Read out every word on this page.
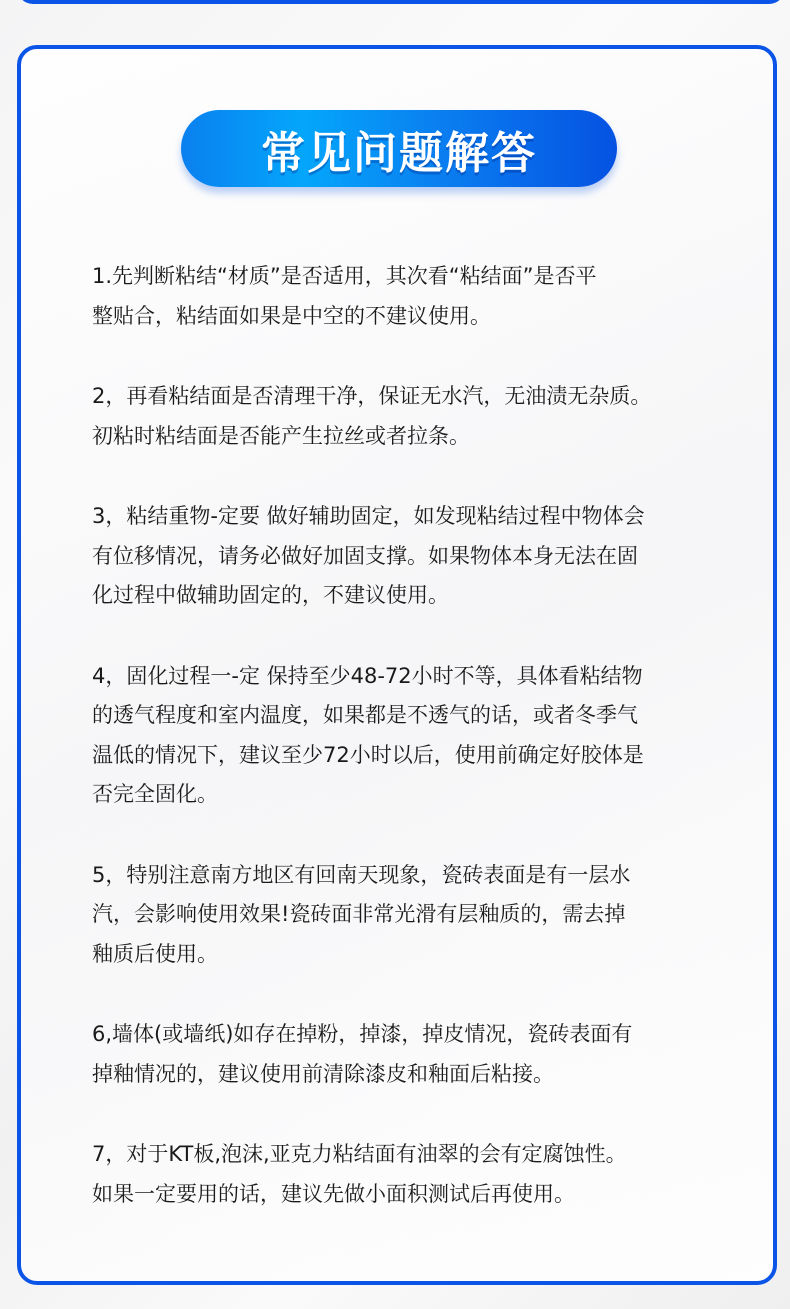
常见问题解答
1.先判断粘结“材质”是否适用，其次看“粘结面”是否平
整贴合，粘结面如果是中空的不建议使用。
2，再看粘结面是否清理干净，保证无水汽，无油渍无杂质。
初粘时粘结面是否能产生拉丝或者拉条。
3，粘结重物-定要 做好辅助固定，如发现粘结过程中物体会
有位移情况，请务必做好加固支撑。如果物体本身无法在固
化过程中做辅助固定的，不建议使用。
4，固化过程一-定 保持至少48-72小时不等，具体看粘结物
的透气程度和室内温度，如果都是不透气的话，或者冬季气
温低的情况下，建议至少72小时以后，使用前确定好胶体是
否完全固化。
5，特别注意南方地区有回南天现象，瓷砖表面是有一层水
汽，会影响使用效果!瓷砖面非常光滑有层釉质的，需去掉
釉质后使用。
6,墙体(或墙纸)如存在掉粉，掉漆，掉皮情况，瓷砖表面有
掉釉情况的，建议使用前清除漆皮和釉面后粘接。
7，对于KT板,泡沫,亚克力粘结面有油翠的会有定腐蚀性。
如果一定要用的话，建议先做小面积测试后再使用。
